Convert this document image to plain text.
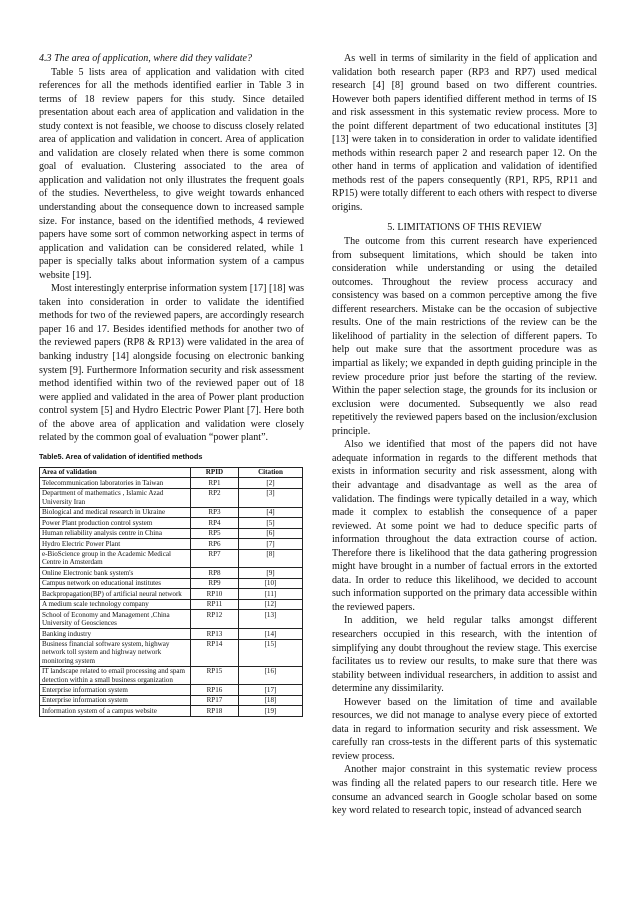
4.3 The area of application, where did they validate?

Table 5 lists area of application and validation with cited references for all the methods identified earlier in Table 3 in terms of 18 review papers for this study. Since detailed presentation about each area of application and validation in the study context is not feasible, we choose to discuss closely related area of application and validation in concert. Area of application and validation are closely related when there is some common goal of evaluation. Clustering associated to the area of application and validation not only illustrates the frequent goals of the studies. Nevertheless, to give weight towards enhanced understanding about the consequence down to increased sample size. For instance, based on the identified methods, 4 reviewed papers have some sort of common networking aspect in terms of application and validation can be considered related, while 1 paper is specially talks about information system of a campus website [19].

Most interestingly enterprise information system [17] [18] was taken into consideration in order to validate the identified methods for two of the reviewed papers, are accordingly research paper 16 and 17. Besides identified methods for another two of the reviewed papers (RP8 & RP13) were validated in the area of banking industry [14] alongside focusing on electronic banking system [9]. Furthermore Information security and risk assessment method identified within two of the reviewed paper out of 18 were applied and validated in the area of Power plant production control system [5] and Hydro Electric Power Plant [7]. Here both of the above area of application and validation were closely related by the common goal of evaluation “power plant”.

Table5. Area of validation of identified methods
Area of validation	RPID	Citation
Telecommunication laboratories in Taiwan	RP1	[2]
Department of mathematics , Islamic Azad University Iran	RP2	[3]
Biological and medical research in Ukraine	RP3	[4]
Power Plant production control system	RP4	[5]
Human reliability analysis centre in China	RP5	[6]
Hydro Electric Power Plant	RP6	[7]
e-BioScience group in the Academic Medical Centre in Amsterdam	RP7	[8]
Online Electronic bank system's	RP8	[9]
Campus network on educational institutes	RP9	[10]
Backpropagation(BP) of artificial neural network	RP10	[11]
A medium scale technology company	RP11	[12]
School of Economy and Management ,China University of Geosciences	RP12	[13]
Banking industry	RP13	[14]
Business financial software system, highway network toll system and highway network monitoring system	RP14	[15]
IT landscape related to email processing and spam detection within a small business organization	RP15	[16]
Enterprise information system	RP16	[17]
Enterprise information system	RP17	[18]
Information system of a campus website	RP18	[19]

As well in terms of similarity in the field of application and validation both research paper (RP3 and RP7) used medical research [4] [8] ground based on two different countries. However both papers identified different method in terms of IS and risk assessment in this systematic review process. More to the point different department of two educational institutes [3] [13] were taken in to consideration in order to validate identified methods within research paper 2 and research paper 12. On the other hand in terms of application and validation of identified methods rest of the papers consequently (RP1, RP5, RP11 and RP15) were totally different to each others with respect to diverse origins.

5. LIMITATIONS OF THIS REVIEW

The outcome from this current research have experienced from subsequent limitations, which should be taken into consideration while understanding or using the detailed outcomes. Throughout the review process accuracy and consistency was based on a common perceptive among the five different researchers. Mistake can be the occasion of subjective results. One of the main restrictions of the review can be the likelihood of partiality in the selection of different papers. To help out make sure that the assortment procedure was as impartial as likely; we expanded in depth guiding principle in the review procedure prior just before the starting of the review. Within the paper selection stage, the grounds for its inclusion or exclusion were documented. Subsequently we also read repetitively the reviewed papers based on the inclusion/exclusion principle.

Also we identified that most of the papers did not have adequate information in regards to the different methods that exists in information security and risk assessment, along with their advantage and disadvantage as well as the area of validation. The findings were typically detailed in a way, which made it complex to establish the consequence of a paper reviewed. At some point we had to deduce specific parts of information throughout the data extraction course of action. Therefore there is likelihood that the data gathering progression might have brought in a number of factual errors in the extorted data. In order to reduce this likelihood, we decided to account such information supported on the primary data accessible within the reviewed papers.

In addition, we held regular talks amongst different researchers occupied in this research, with the intention of simplifying any doubt throughout the review stage. This exercise facilitates us to review our results, to make sure that there was stability between individual researchers, in addition to assist and determine any dissimilarity.

However based on the limitation of time and available resources, we did not manage to analyse every piece of extorted data in regard to information security and risk assessment. We carefully ran cross-tests in the different parts of this systematic review process.

Another major constraint in this systematic review process was finding all the related papers to our research title. Here we consume an advanced search in Google scholar based on some key word related to research topic, instead of advanced search
